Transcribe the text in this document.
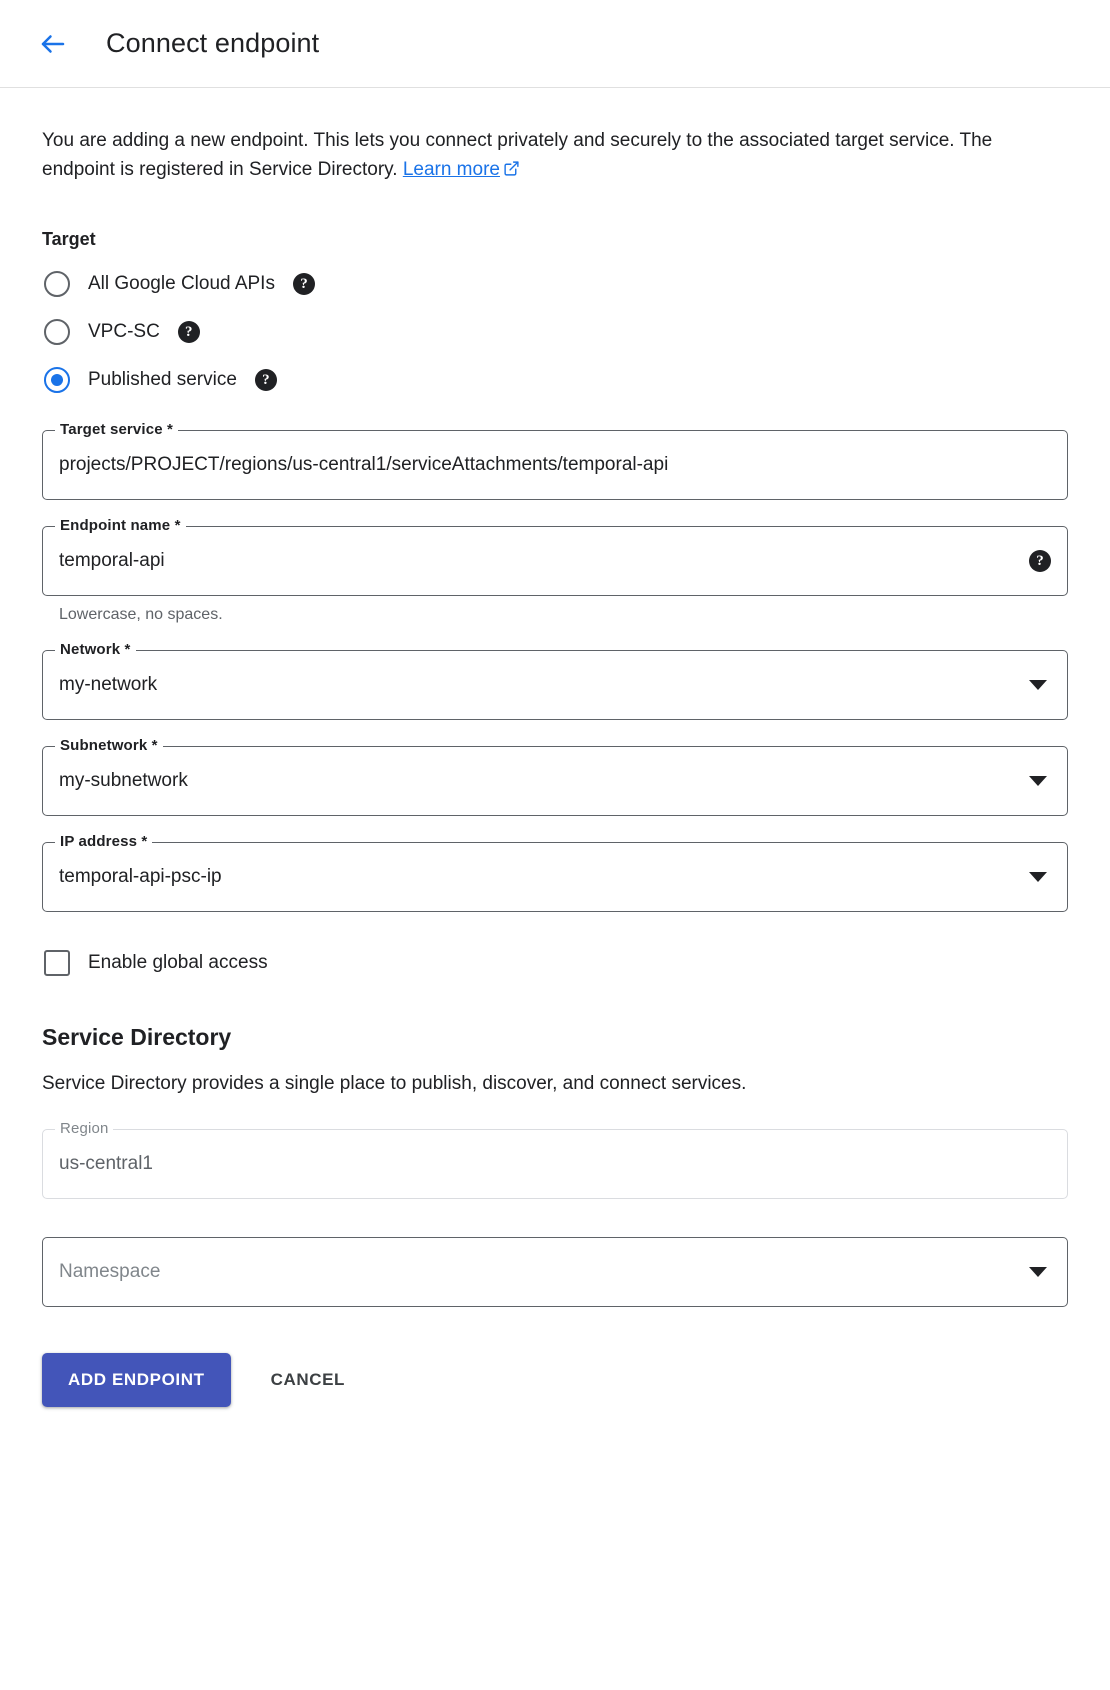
Connect endpoint

You are adding a new endpoint. This lets you connect privately and securely to the associated target service. The endpoint is registered in Service Directory. Learn more

Target
All Google Cloud APIs	?
VPC-SC	?
Published service	?
Target service *
projects/PROJECT/regions/us-central1/serviceAttachments/temporal-api
Endpoint name *
temporal-api	?
Lowercase, no spaces.
Network *
my-network
Subnetwork *
my-subnetwork
IP address *
temporal-api-psc-ip
Enable global access
Service Directory
Service Directory provides a single place to publish, discover, and connect services.
Region
us-central1
Namespace
ADD ENDPOINT	CANCEL
